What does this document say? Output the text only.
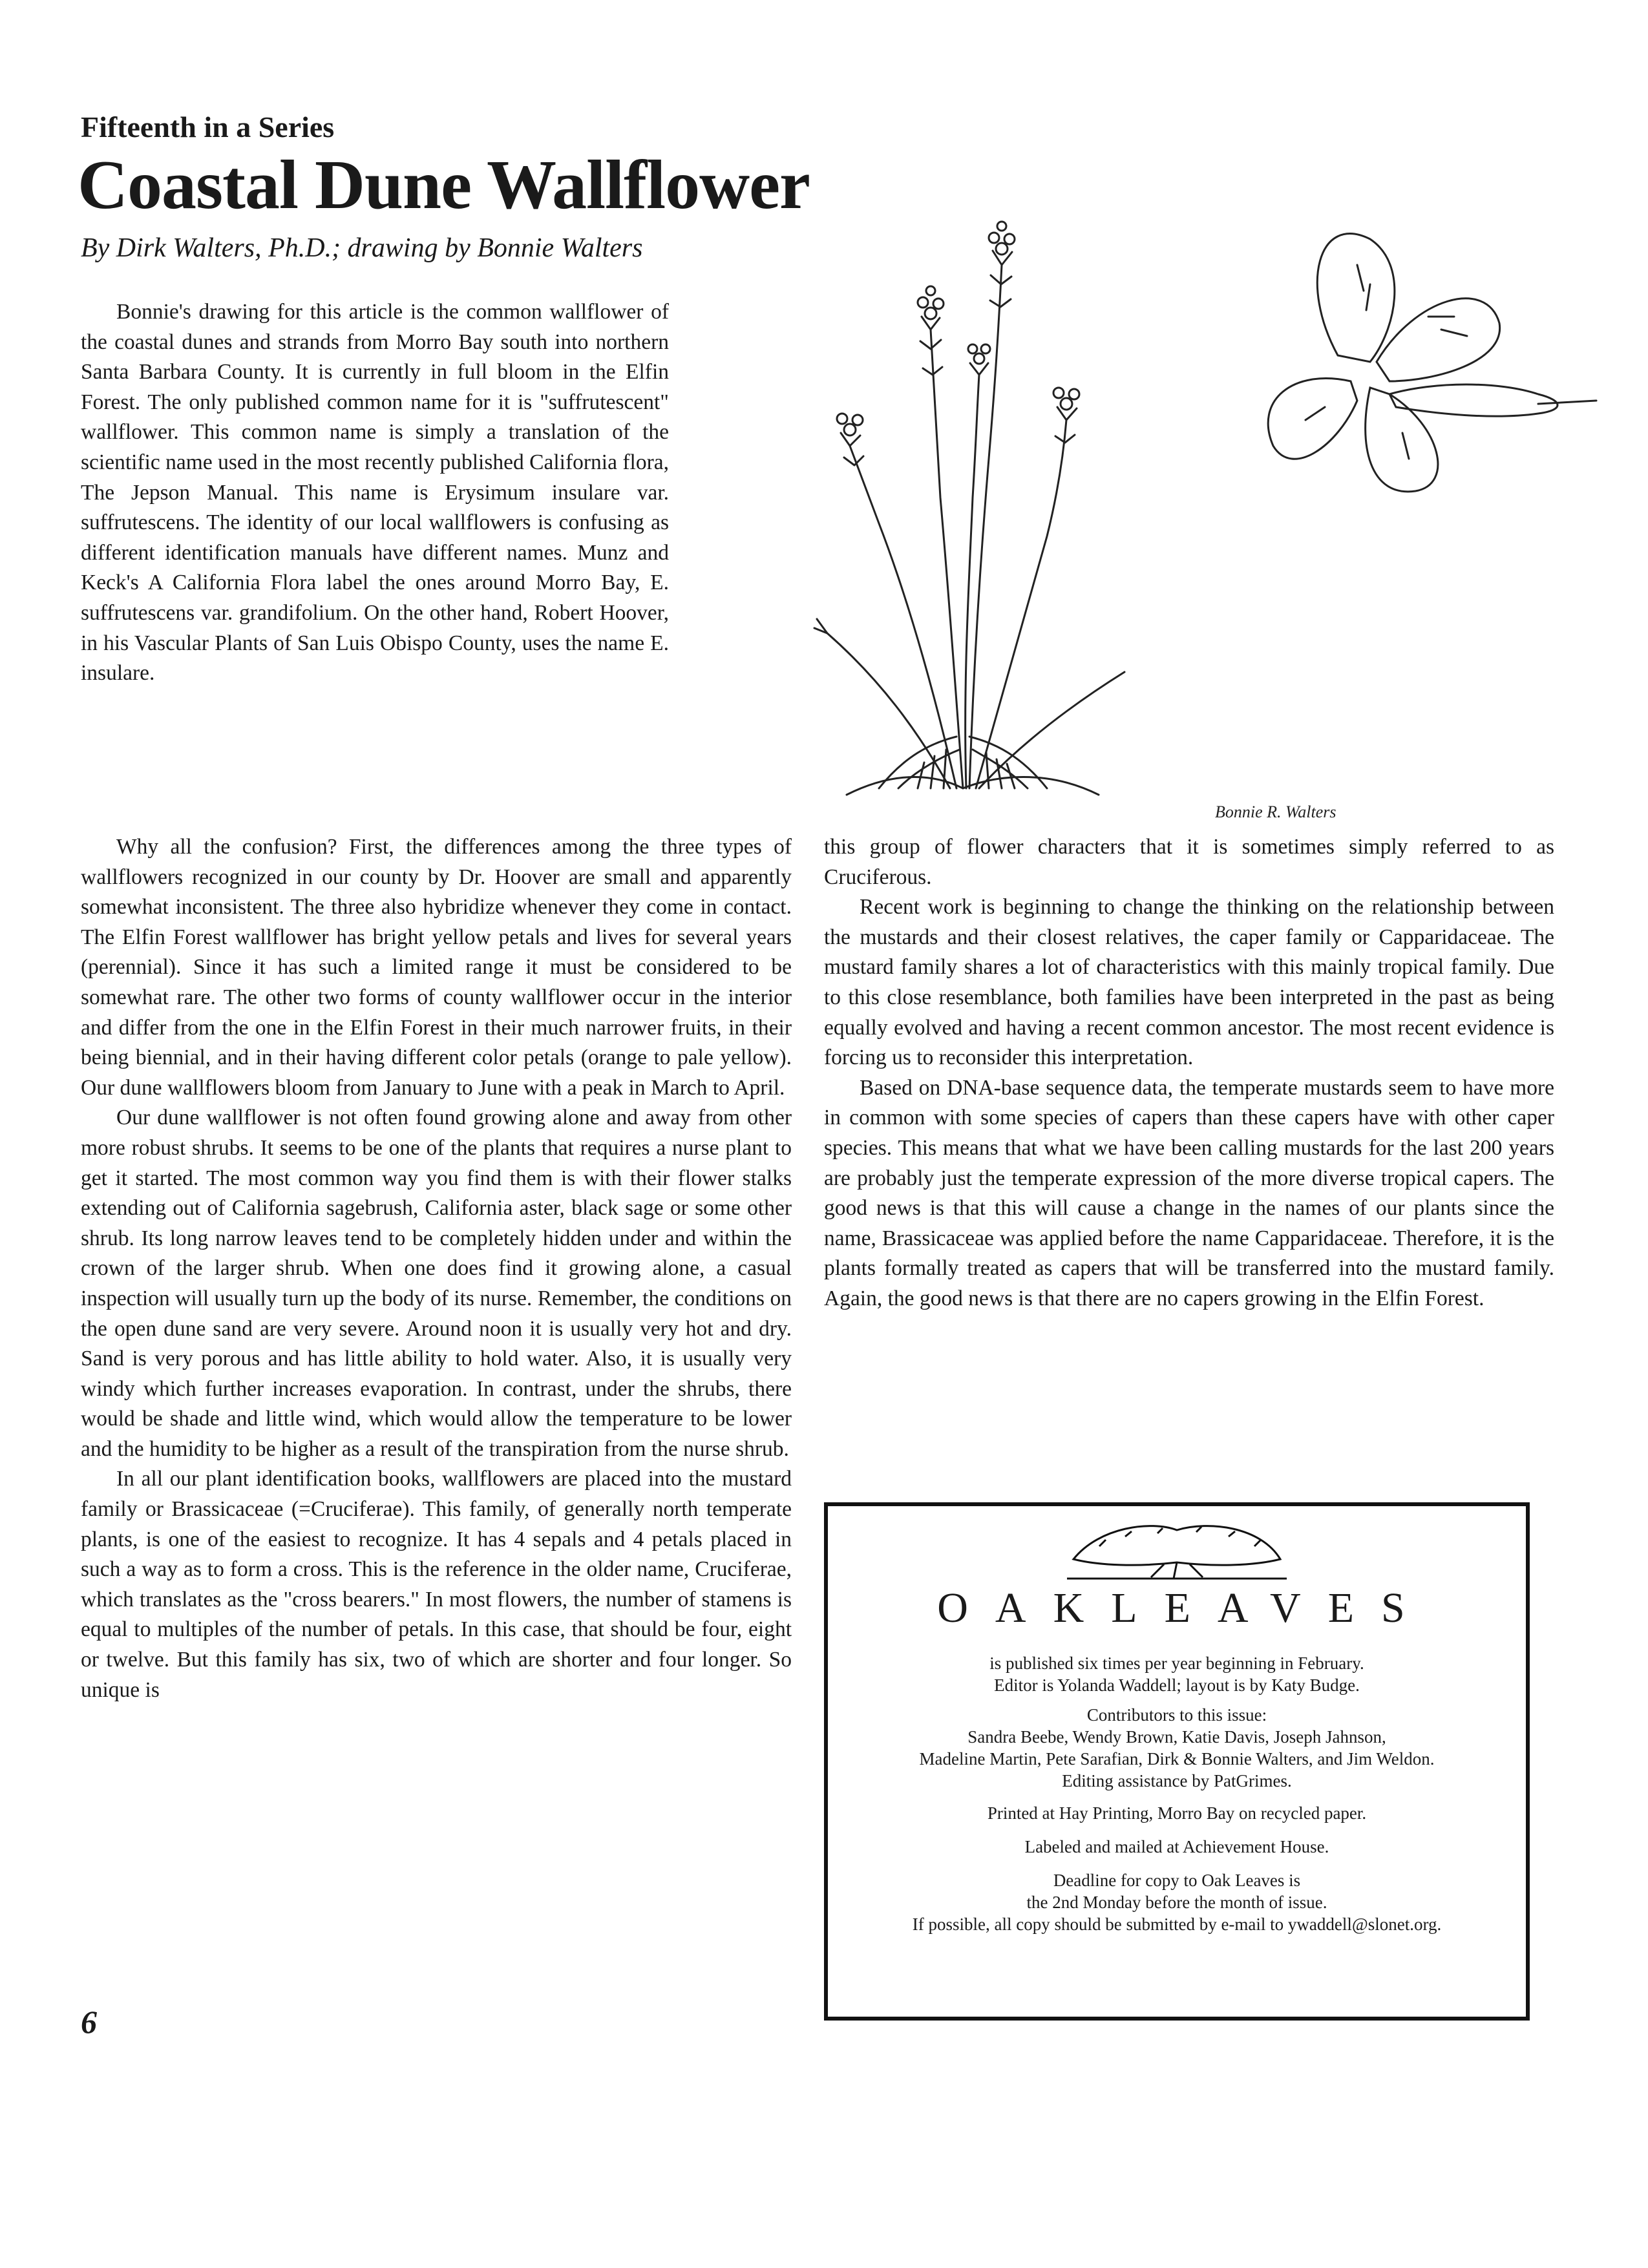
Fifteenth in a Series
Coastal Dune Wallflower
By Dirk Walters, Ph.D.; drawing by Bonnie Walters

Bonnie's drawing for this article is the common wallflower of the coastal dunes and strands from Morro Bay south into northern Santa Barbara County. It is currently in full bloom in the Elfin Forest. The only published common name for it is "suffrutescent" wallflower. This common name is simply a translation of the scientific name used in the most recently published California flora, The Jepson Manual. This name is Erysimum insulare var. suffrutescens. The identity of our local wallflowers is confusing as different identification manuals have different names. Munz and Keck's A California Flora label the ones around Morro Bay, E. suffrutescens var. grandifolium. On the other hand, Robert Hoover, in his Vascular Plants of San Luis Obispo County, uses the name E. insulare.

Bonnie R. Walters

Why all the confusion? First, the differences among the three types of wallflowers recognized in our county by Dr. Hoover are small and apparently somewhat inconsistent. The three also hybridize whenever they come in contact. The Elfin Forest wallflower has bright yellow petals and lives for several years (perennial). Since it has such a limited range it must be considered to be somewhat rare. The other two forms of county wallflower occur in the interior and differ from the one in the Elfin Forest in their much narrower fruits, in their being biennial, and in their having different color petals (orange to pale yellow). Our dune wallflowers bloom from January to June with a peak in March to April.

Our dune wallflower is not often found growing alone and away from other more robust shrubs. It seems to be one of the plants that requires a nurse plant to get it started. The most common way you find them is with their flower stalks extending out of California sagebrush, California aster, black sage or some other shrub. Its long narrow leaves tend to be completely hidden under and within the crown of the larger shrub. When one does find it growing alone, a casual inspection will usually turn up the body of its nurse. Remember, the conditions on the open dune sand are very severe. Around noon it is usually very hot and dry. Sand is very porous and has little ability to hold water. Also, it is usually very windy which further increases evaporation. In contrast, under the shrubs, there would be shade and little wind, which would allow the temperature to be lower and the humidity to be higher as a result of the transpiration from the nurse shrub.

In all our plant identification books, wallflowers are placed into the mustard family or Brassicaceae (=Cruciferae). This family, of generally north temperate plants, is one of the easiest to recognize. It has 4 sepals and 4 petals placed in such a way as to form a cross. This is the reference in the older name, Cruciferae, which translates as the "cross bearers." In most flowers, the number of stamens is equal to multiples of the number of petals. In this case, that should be four, eight or twelve. But this family has six, two of which are shorter and four longer. So unique is

this group of flower characters that it is sometimes simply referred to as Cruciferous.

Recent work is beginning to change the thinking on the relationship between the mustards and their closest relatives, the caper family or Capparidaceae. The mustard family shares a lot of characteristics with this mainly tropical family. Due to this close resemblance, both families have been interpreted in the past as being equally evolved and having a recent common ancestor. The most recent evidence is forcing us to reconsider this interpretation.

Based on DNA-base sequence data, the temperate mustards seem to have more in common with some species of capers than these capers have with other caper species. This means that what we have been calling mustards for the last 200 years are probably just the temperate expression of the more diverse tropical capers. The good news is that this will cause a change in the names of our plants since the name, Brassicaceae was applied before the name Capparidaceae. Therefore, it is the plants formally treated as capers that will be transferred into the mustard family. Again, the good news is that there are no capers growing in the Elfin Forest.

OAKLEAVES
is published six times per year beginning in February.
Editor is Yolanda Waddell; layout is by Katy Budge.
Contributors to this issue:
Sandra Beebe, Wendy Brown, Katie Davis, Joseph Jahnson,
Madeline Martin, Pete Sarafian, Dirk & Bonnie Walters, and Jim Weldon.
Editing assistance by PatGrimes.
Printed at Hay Printing, Morro Bay on recycled paper.
Labeled and mailed at Achievement House.
Deadline for copy to Oak Leaves is
the 2nd Monday before the month of issue.
If possible, all copy should be submitted by e-mail to ywaddell@slonet.org.
6
